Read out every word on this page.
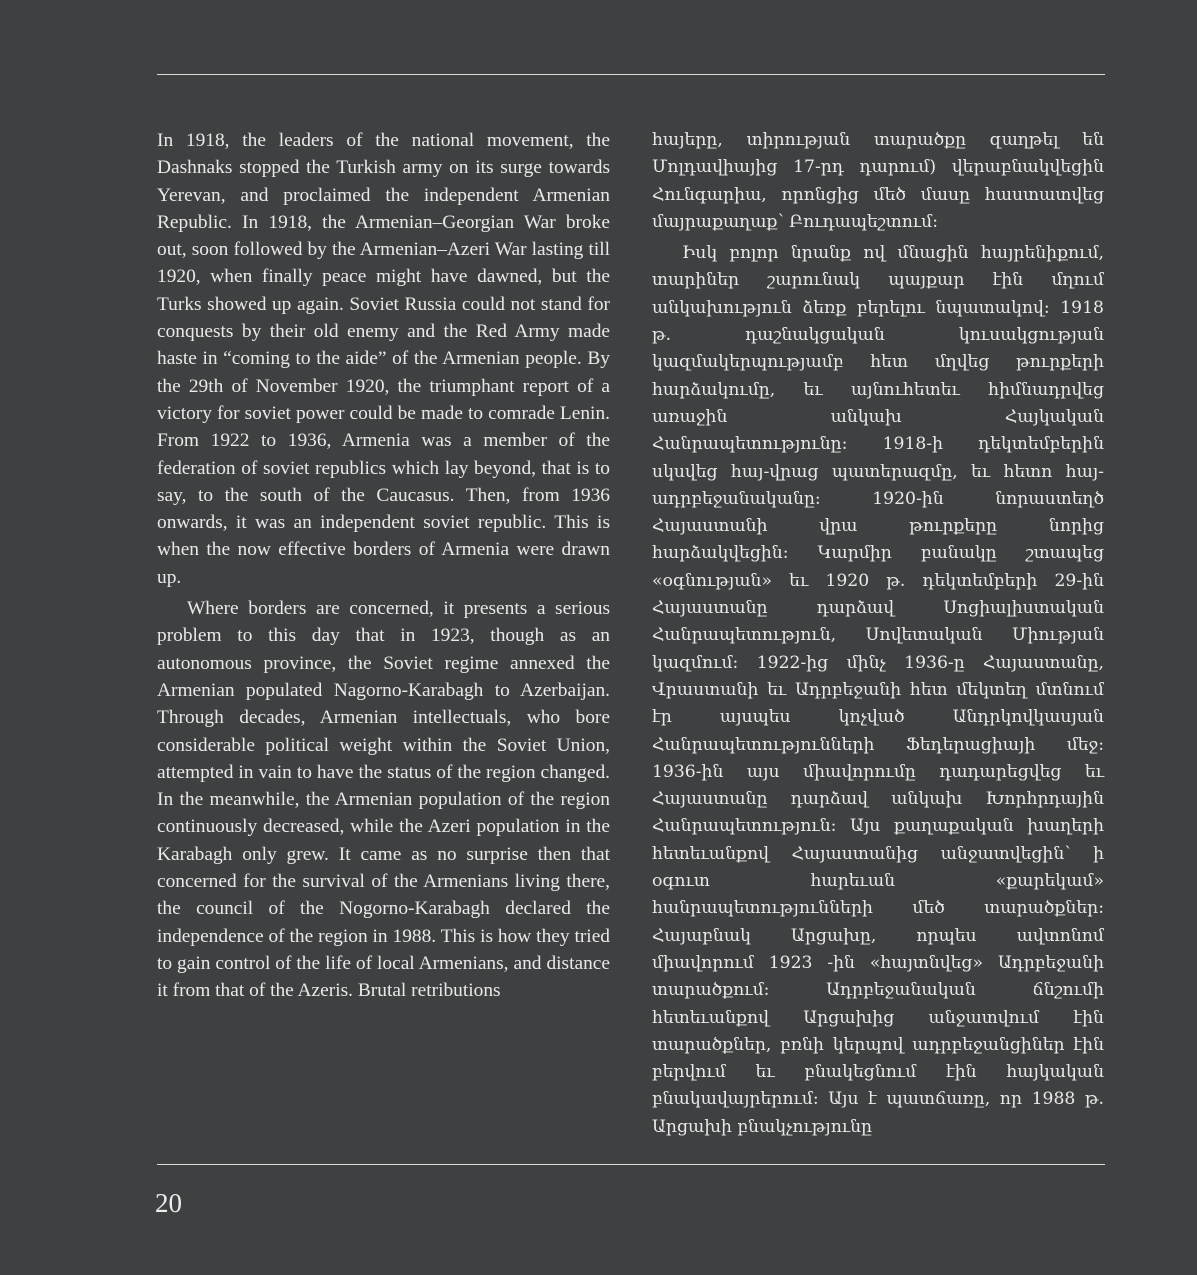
In 1918, the leaders of the national movement, the Dashnaks stopped the Turkish army on its surge towards Yerevan, and proclaimed the independent Armenian Republic. In 1918, the Armenian–Georgian War broke out, soon followed by the Armenian–Azeri War lasting till 1920, when finally peace might have dawned, but the Turks showed up again. Soviet Russia could not stand for conquests by their old enemy and the Red Army made haste in “coming to the aide” of the Armenian people. By the 29th of November 1920, the triumphant report of a victory for soviet power could be made to comrade Lenin. From 1922 to 1936, Armenia was a member of the federation of soviet republics which lay beyond, that is to say, to the south of the Caucasus. Then, from 1936 onwards, it was an independent soviet republic. This is when the now effective borders of Armenia were drawn up.

Where borders are concerned, it presents a serious problem to this day that in 1923, though as an autonomous province, the Soviet regime annexed the Armenian populated Nagorno-Karabagh to Azerbaijan. Through decades, Armenian intellectuals, who bore considerable political weight within the Soviet Union, attempted in vain to have the status of the region changed. In the meanwhile, the Armenian population of the region continuously decreased, while the Azeri population in the Karabagh only grew. It came as no surprise then that concerned for the survival of the Armenians living there, the council of the Nogorno-Karabagh declared the independence of the region in 1988. This is how they tried to gain control of the life of local Armenians, and distance it from that of the Azeris. Brutal retributions

հայերը, տիրության տարածքը զաղթել են Մոլդավիայից 17-րդ դարում) վերաբնակվեցին Հունգարիա, որոնցից մեծ մասը հաստատվեց մայրաքաղաք՝ Բուդապեշտում:

Իսկ բոլոր նրանք ով մնացին հայրենիքում, տարիներ շարունակ պայքար էին մղում անկախություն ձեռք բերելու նպատակով: 1918 թ. դաշնակցական կուսակցության կազմակերպությամբ հետ մղվեց թուրքերի հարձակումը, եւ այնուհետեւ հիմնադրվեց առաջին անկախ Հայկական Հանրապետությունը: 1918-ի դեկտեմբերին սկսվեց հայ-վրաց պատերազմը, եւ հետո հայ-ադրբեջանականը: 1920-ին նորաստեղծ Հայաստանի վրա թուրքերը նորից հարձակվեցին: Կարմիր բանակը շտապեց «օգնության» եւ 1920 թ. դեկտեմբերի 29-ին Հայաստանը դարձավ Սոցիալիստական Հանրապետություն, Սովետական Միության կազմում: 1922-ից մինչ 1936-ը Հայաստանը, Վրաստանի եւ Ադրբեջանի հետ մեկտեղ մտնում էր այսպես կոչված Անդրկովկասյան Հանրապետությունների Ֆեդերացիայի մեջ: 1936-ին այս միավորումը դադարեցվեց եւ Հայաստանը դարձավ անկախ Խորհրդային Հանրապետություն: Այս քաղաքական խաղերի հետեւանքով Հայաստանից անջատվեցին՝ ի օգուտ հարեւան «քարեկամ» հանրապետությունների մեծ տարածքներ: Հայաբնակ Արցախը, որպես ավտոնոմ միավորում 1923 -ին «հայտնվեց» Ադրբեջանի տարածքում: Ադրբեջանական ճնշումի հետեւանքով Արցախից անջատվում էին տարածքներ, բռնի կերպով ադրբեջանցիներ էին բերվում եւ բնակեցնում էին հայկական բնակավայրերում: Այս է պատճառը, որ 1988 թ. Արցախի բնակչությունը

20
